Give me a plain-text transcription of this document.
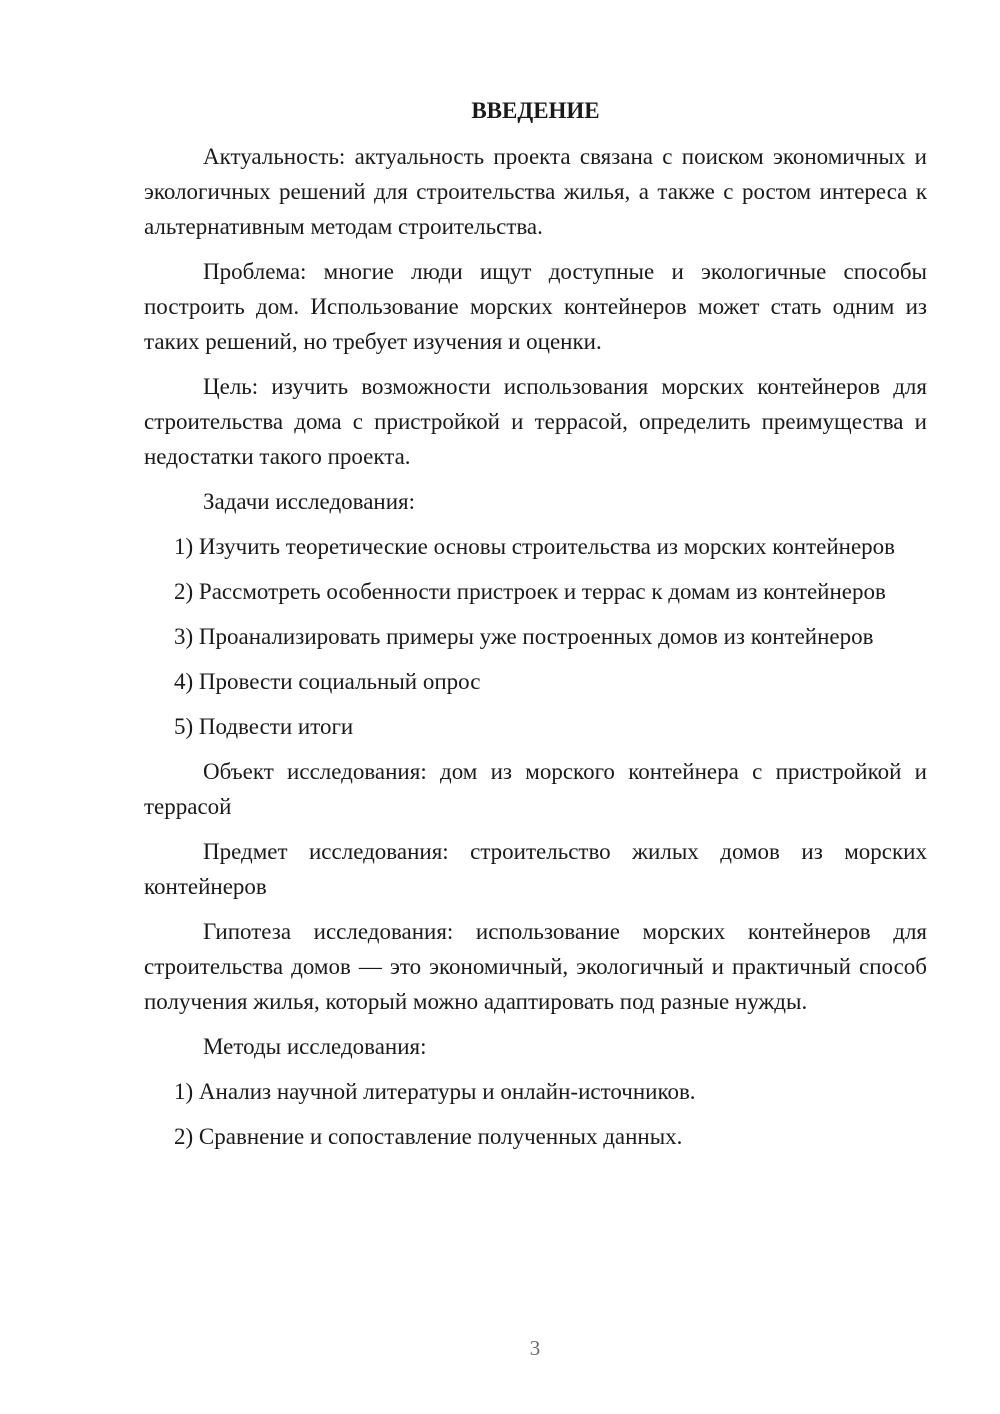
ВВЕДЕНИЕ

Актуальность: актуальность проекта связана с поиском экономичных и экологичных решений для строительства жилья, а также с ростом интереса к альтернативным методам строительства.

Проблема: многие люди ищут доступные и экологичные способы построить дом. Использование морских контейнеров может стать одним из таких решений, но требует изучения и оценки.

Цель: изучить возможности использования морских контейнеров для строительства дома с пристройкой и террасой, определить преимущества и недостатки такого проекта.

Задачи исследования:

1) Изучить теоретические основы строительства из морских контейнеров

2) Рассмотреть особенности пристроек и террас к домам из контейнеров

3) Проанализировать примеры уже построенных домов из контейнеров

4) Провести социальный опрос

5) Подвести итоги

Объект исследования: дом из морского контейнера с пристройкой и террасой

Предмет исследования: строительство жилых домов из морских контейнеров

Гипотеза исследования: использование морских контейнеров для строительства домов — это экономичный, экологичный и практичный способ получения жилья, который можно адаптировать под разные нужды.

Методы исследования:

1) Анализ научной литературы и онлайн-источников.

2) Сравнение и сопоставление полученных данных.

3
